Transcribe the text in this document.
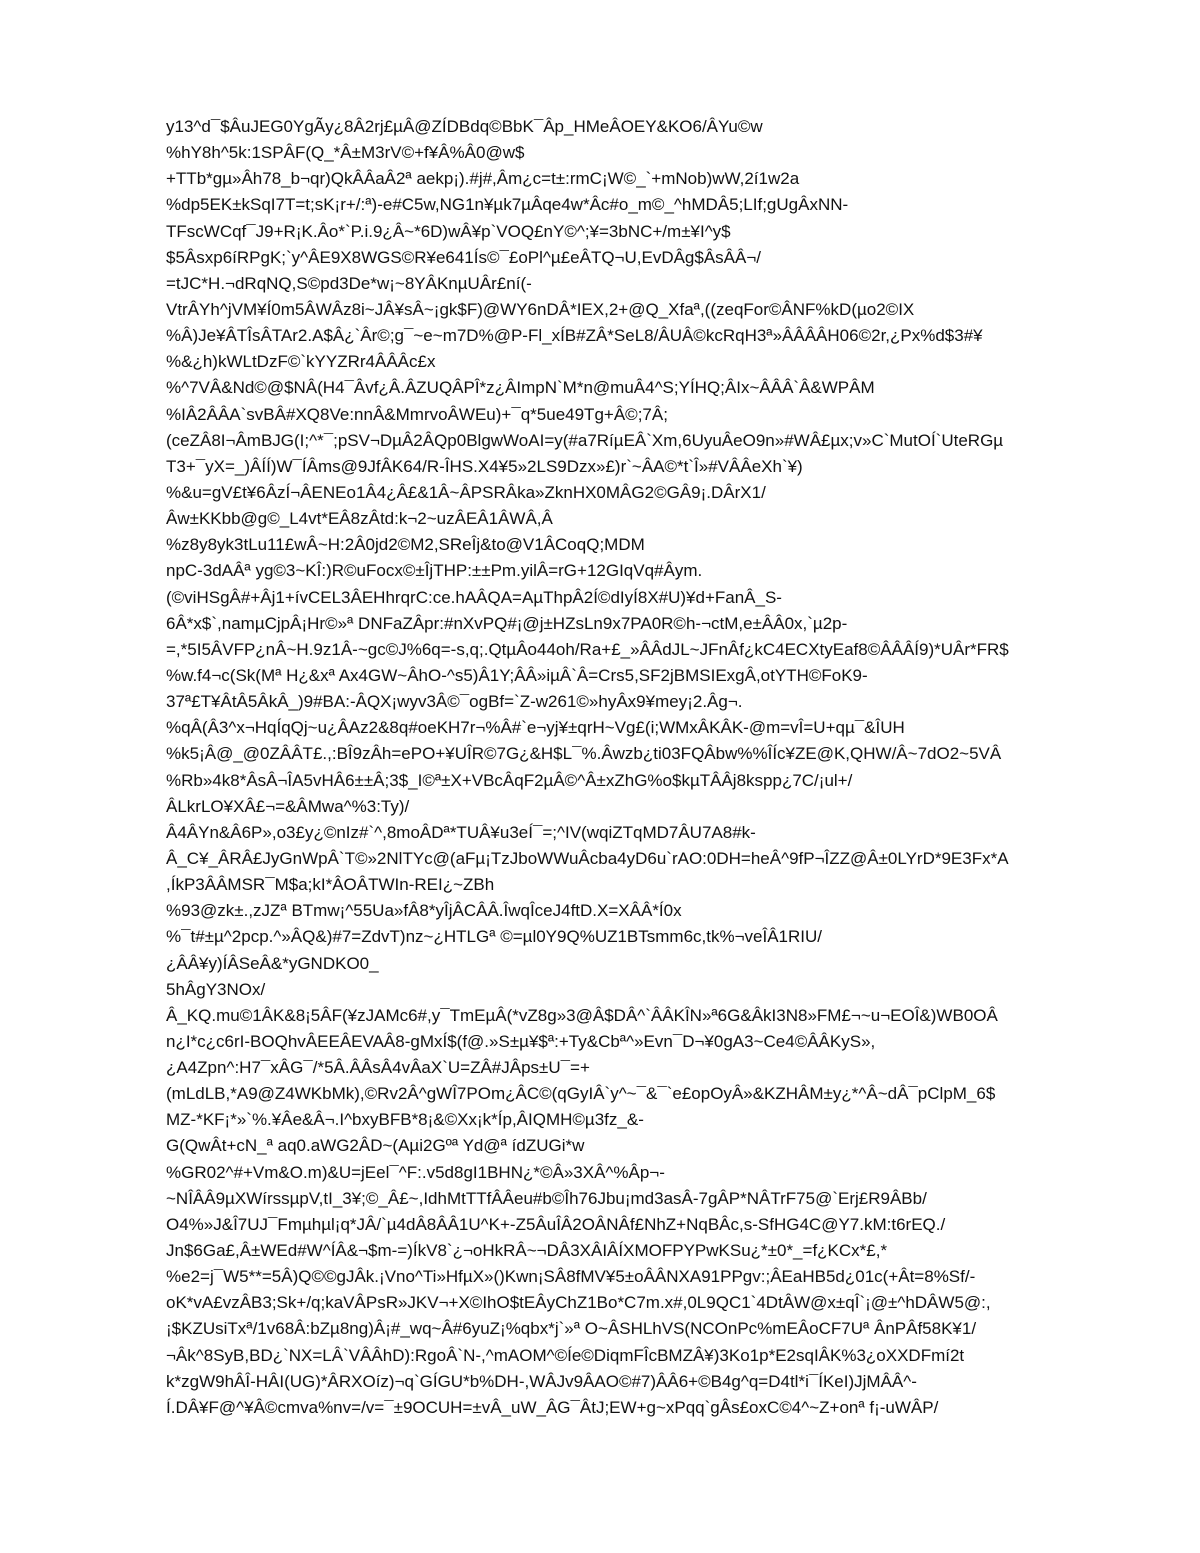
y13^d¯$ÂuJEG0YgÃy¿8Â2rj£µÂ@ZÍDBdq©BbK¯Âp_HMeÂOEY&KO6/ÂYu©w
%hY8h^5k:1SPÂF(Q_*Â±M3rV©+f¥Â%Â0@w$
+TTb*gµ»Âh78_b¬qr)QkÂÂaÂ2ª aekp¡).#j#,Âm¿c=t±:rmC¡W©_`+mNob)wW,2í1w2a
%dp5EK±kSqI7T=t;sK¡r+/:ª)-e#C5w,NG1n¥µk7µÂqe4w*Âc#o_m©_^hMDÂ5;LIf;gUgÂxNN-
TFscWCqf¯J9+R¡K.Âo*`P.i.9¿Â~*6D)wÂ¥p`VOQ£nY©^;¥=3bNC+/m±¥I^y$
$5Âsxp6íRPgK;`y^ÂE9X8WGS©R¥e641Ís©¯£oPl^µ£eÂTQ¬U,EvDÂg$ÂsÂÂ¬/
=tJC*H.¬dRqNQ,S©pd3De*w¡~8YÂKnµUÂr£ní(-
VtrÂYh^jVM¥Í0m5ÂWÂz8i~JÂ¥sÂ~¡gk$F)@WY6nDÂ*IEX,2+@Q_Xfaª,((zeqFor©ÂNF%kD(µo2©IX
%Â)Je¥ÂTÎsÂTAr2.A$Â¿`Âr©;g¯~e~m7D%@P-Fl_xÍB#ZÂ*SeL8/ÂUÂ©kcRqH3ª»ÂÂÂÂH06©2r,¿Px%d$3#¥
%&¿h)kWLtDzF©`kYYZRr4ÂÂÂc£x
%^7VÂ&Nd©@$NÂ(H4¯Âvf¿Â.ÂZUQÂPÎ*z¿ÂImpN`M*n@muÂ4^S;YÍHQ;ÂIx~ÂÂÂ`Â&WPÂM
%IÂ2ÂÂA`svBÂ#XQ8Ve:nnÂ&MmrvoÂWEu)+¯q*5ue49Tg+Â©;7Â;
(ceZÂ8I¬ÂmBJG(I;^*¯;pSV¬DµÂ2ÂQp0BlgwWoAI=y(#a7RíµEÂ`Xm,6UyuÂeO9n»#WÂ£µx;v»C`MutOÍ`UteRGµ
T3+¯yX=_)ÂÍÍ)W¯ÍÂms@9JfÂK64/R-ÎHS.X4¥5»2LS9Dzx»£)r`~ÂA©*t`Î»#VÂÂeXh`¥)
%&u=gV£t¥6ÂzÍ¬ÂENEo1Â4¿Â£&1Â~ÂPSRÂka»ZknHX0MÂG2©GÂ9¡.DÂrX1/
Âw±KKbb@g©_L4vt*EÂ8zÂtd:k¬2~uzÂEÂ1ÂWÂ,Â
%z8y8yk3tLu11£wÂ~H:2Â0jd2©M2,SReÎj&to@V1ÂCoqQ;MDM
npC-3dAÂª yg©3~KÎ:)R©uFocx©±ÎjTHP:±±Pm.yilÂ=rG+12GIqVq#Âym.
(©viHSgÂ#+Âj1+ívCEL3ÂEHhrqrC:ce.hAÂQA=AµThpÂ2Í©dIyÍ8X#U)¥d+FanÂ_S-
6Â*x$`,namµCjpÂ¡Hr©»ª DNFaZÂpr:#nXvPQ#¡@j±HZsLn9x7PA0R©h-¬ctM,e±ÂÂ0x,`µ2p-
=,*5I5ÂVFP¿nÂ~H.9z1Â-~gc©J%6q=-s,q;.QtµÂo44oh/Ra+£_»ÂÂdJL~JFnÂf¿kC4ECXtyEaf8©ÂÂÂÍ9)*UÂr*FR$
%w.f4¬c(Sk(Mª H¿&xª Ax4GW~ÂhO-^s5)Â1Y;ÂÂ»iµÂ`Â=Crs5,SF2jBMSIExgÂ,otYTH©FoK9-
37ª£T¥ÂtÂ5ÂkÂ_)9#BA:-ÂQX¡wyv3Â©¯ogBf=`Z-w261©»hyÂx9¥mey¡2.Âg¬.
%qÂ(Â3^x¬HqÍqQj~u¿ÂAz2&8q#oeKH7r¬%Â#`e¬yj¥±qrH~Vg£(i;WMxÂKÂK-@m=vÎ=U+qµ¯&ÎUH
%k5¡Â@_@0ZÂÂT£.,:BÎ9zÂh=ePO+¥UÎR©7G¿&H$L¯%.Âwzb¿ti03FQÂbw%%ÎÍc¥ZE@K,QHW/Â~7dO2~5VÂ
%Rb»4k8*ÂsÂ¬ÎA5vHÂ6±±Â;3$_I©ª±X+VBcÂqF2µÂ©^Â±xZhG%o$kµTÂÂj8kspp¿7C/¡ul+/
ÂLkrLO¥XÂ£¬=&ÂMwa^%3:Ty)/
Â4ÂYn&Â6P»,o3£y¿©nIz#`^,8moÂDª*TUÂ¥u3eÍ¯=;^IV(wqiZTqMD7ÂU7A8#k-
Â_C¥_ÂRÂ£JyGnWpÂ`T©»2NlTYc@(aFµ¡TzJboWWuÂcba4yD6u`rAO:0DH=heÂ^9fP¬ÎZZ@Â±0LYrD*9E3Fx*A
,ÍkP3ÂÂMSR¯M$a;kI*ÂOÂTWIn-REI¿~ZBh
%93@zk±.,zJZª BTmw¡^55Ua»fÂ8*yÎjÂCÂÂ.ÎwqÎceJ4ftD.X=XÂÂ*Í0x
%¯t#±µ^2pcp.^»ÂQ&)#7=ZdvT)nz~¿HTLGª ©=µl0Y9Q%UZ1BTsmm6c,tk%¬veÎÂ1RIU/
¿ÂÂ¥y)ÍÂSeÂ&*yGNDKO0_
5hÂgY3NOx/
Â_KQ.mu©1ÂK&8¡5ÂF(¥zJAMc6#,y¯TmEµÂ(*vZ8g»3@Â$DÂ^`ÂÂKÎN»ª6G&ÂkI3N8»FM£¬~u¬EOÎ&)WB0OÂ
n¿I*c¿c6rI-BOQhvÂEEÂEVAÂ8-gMxÍ$(f@.»S±µ¥$ª:+Ty&Cbª^»Evn¯D¬¥0gA3~Ce4©ÂÂKyS»,
¿A4Zpn^:H7¯xÂG¯/*5Â.ÂÂsÂ4vÂaX`U=ZÂ#JÂps±U¯=+
(mLdLB,*A9@Z4WKbMk),©Rv2Â^gWÎ7POm¿ÂC©(qGyIÂ`y^~¯&¯`e£opOyÂ»&KZHÂM±y¿*^Â~dÂ¯pClpM_6$
MZ-*KF¡*»`%.¥Âe&Â¬.I^bxyBFB*8¡&©Xx¡k*Íp,ÂIQMH©µ3fz_&-
G(QwÂt+cN_ª aq0.aWG2ÂD~(Aµi2Gºª Yd@ª ídZUGi*w
%GR02^#+Vm&O.m)&U=jEel¯^F:.v5d8gI1BHN¿*©Â»3XÂ^%Âp¬-
~NÎÂÂ9µXWírssµpV,tI_3¥;©_Â£~,IdhMtTTfÂÂeu#b©Îh76Jbu¡md3asÂ-7gÂP*NÂTrF75@`Erj£R9ÂBb/
O4%»J&Î7UJ¯Fmµhµl¡q*JÂ/`µ4dÂ8ÂÂ1U^K+-Z5ÂuÎÂ2OÂNÂf£NhZ+NqBÂc,s-SfHG4C@Y7.kM:t6rEQ./
Jn$6Ga£,Â±WEd#W^ÍÂ&¬$m-=)ÍkV8`¿¬oHkRÂ~¬DÂ3XÂIÂÍXMOFPYPwKSu¿*±0*_=f¿KCx*£,*
%e2=j¯W5**=5Â)Q©©gJÂk.¡Vno^Ti»HfµX»()Kwn¡SÂ8fMV¥5±oÂÂNXA91PPgv:;ÂEaHB5d¿01c(+Ât=8%Sf/-
oK*vA£vzÂB3;Sk+/q;kaVÂPsR»JKV¬+X©IhO$tEÂyChZ1Bo*C7m.x#,0L9QC1`4DtÂW@x±qÎ`¡@±^hDÂW5@:,
¡$KZUsiTxª/1v68Â:bZµ8ng)Â¡#_wq~Â#6yuZ¡%qbx*j`»ª O~ÂSHLhVS(NCOnPc%mEÂoCF7Uª ÂnPÂf58K¥1/
¬Âk^8SyB,BD¿`NX=LÂ`VÂÂhD):RgoÂ`N-,^mAOM^©Íe©DiqmFÎcBMZÂ¥)3Ko1p*E2sqIÂK%3¿oXXDFmí2t
k*zgW9hÂÎ-HÂI(UG)*ÂRXOíz)¬q`GÍGU*b%DH-,WÂJv9ÂAO©#7)ÂÂ6+©B4g^q=D4tl*i¯ÍKeI)JjMÂÂ^-
Í.DÂ¥F@^¥Â©cmva%nv=/v=¯±9OCUH=±vÂ_uW_ÂG¯ÂtJ;EW+g~xPqq`gÂs£oxC©4^~Z+onª f¡-uWÂP/
